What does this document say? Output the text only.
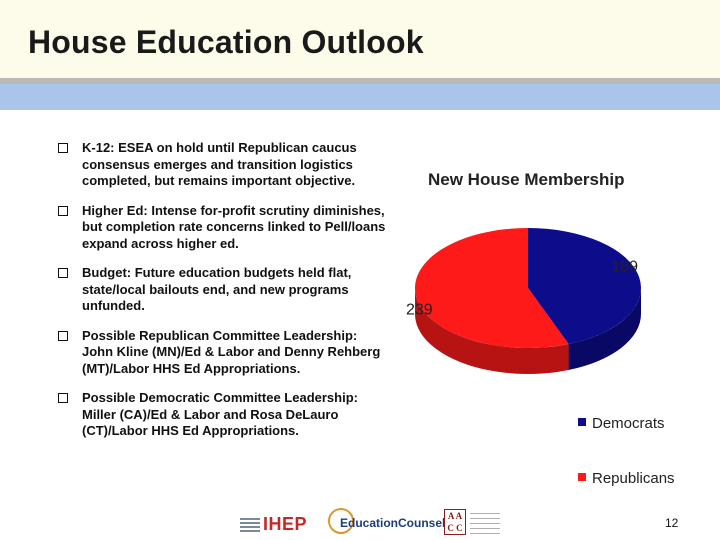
House Education Outlook
K-12: ESEA on hold until Republican caucus consensus emerges and transition logistics completed, but remains important objective.
Higher Ed: Intense for-profit scrutiny diminishes, but completion rate concerns linked to Pell/loans expand across higher ed.
Budget: Future education budgets held flat, state/local bailouts end, and new programs unfunded.
Possible Republican Committee Leadership: John Kline (MN)/Ed & Labor and Denny Rehberg (MT)/Labor HHS Ed Appropriations.
Possible Democratic Committee Leadership: Miller (CA)/Ed & Labor and Rosa DeLauro (CT)/Labor HHS Ed Appropriations.
New House Membership
189
239
Democrats
Republicans
IHEP	EducationCounsel A A C C	12
